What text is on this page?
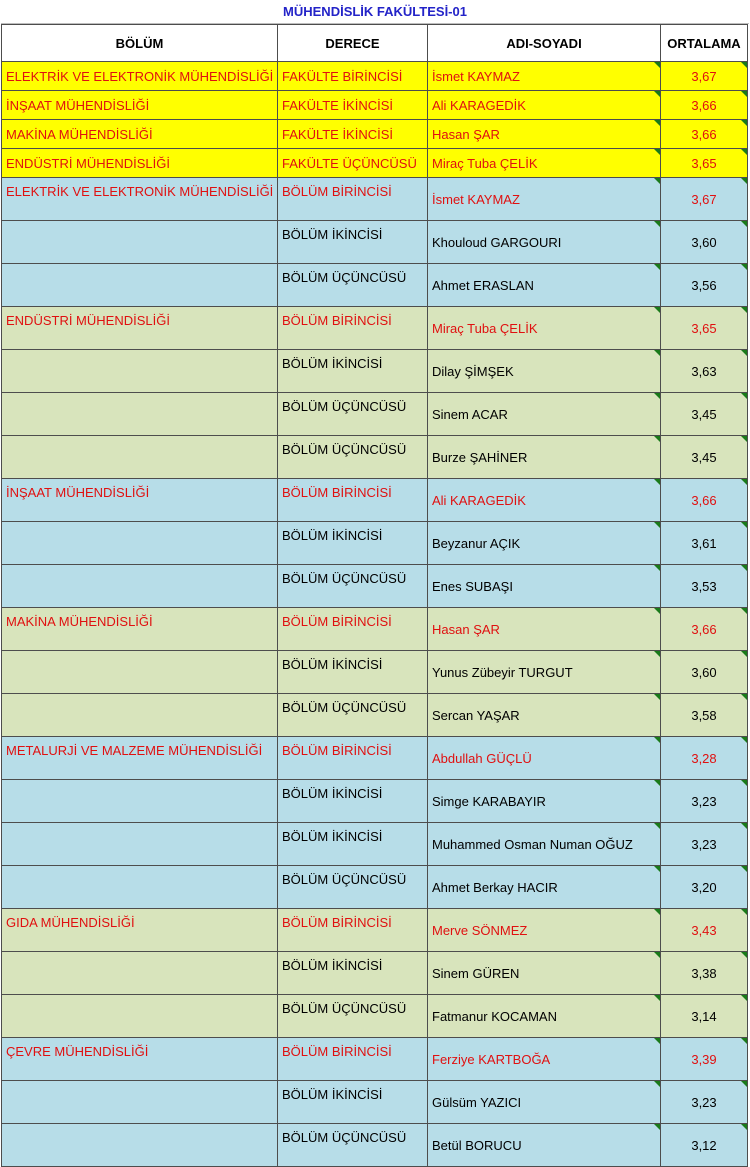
MÜHENDİSLİK FAKÜLTESİ-01
BÖLÜM	DERECE	ADI-SOYADI	ORTALAMA
ELEKTRİK VE ELEKTRONİK MÜHENDİSLİĞİ	FAKÜLTE BİRİNCİSİ	İsmet KAYMAZ	3,67
İNŞAAT MÜHENDİSLİĞİ	FAKÜLTE İKİNCİSİ	Ali KARAGEDİK	3,66
MAKİNA MÜHENDİSLİĞİ	FAKÜLTE İKİNCİSİ	Hasan ŞAR	3,66
ENDÜSTRİ MÜHENDİSLİĞİ	FAKÜLTE ÜÇÜNCÜSÜ	Miraç Tuba ÇELİK	3,65
ELEKTRİK VE ELEKTRONİK MÜHENDİSLİĞİ	BÖLÜM BİRİNCİSİ	İsmet KAYMAZ	3,67
	BÖLÜM İKİNCİSİ	Khouloud GARGOURI	3,60
	BÖLÜM ÜÇÜNCÜSÜ	Ahmet ERASLAN	3,56
ENDÜSTRİ MÜHENDİSLİĞİ	BÖLÜM BİRİNCİSİ	Miraç Tuba ÇELİK	3,65
	BÖLÜM İKİNCİSİ	Dilay ŞİMŞEK	3,63
	BÖLÜM ÜÇÜNCÜSÜ	Sinem ACAR	3,45
	BÖLÜM ÜÇÜNCÜSÜ	Burze ŞAHİNER	3,45
İNŞAAT MÜHENDİSLİĞİ	BÖLÜM BİRİNCİSİ	Ali KARAGEDİK	3,66
	BÖLÜM İKİNCİSİ	Beyzanur AÇIK	3,61
	BÖLÜM ÜÇÜNCÜSÜ	Enes SUBAŞI	3,53
MAKİNA MÜHENDİSLİĞİ	BÖLÜM BİRİNCİSİ	Hasan ŞAR	3,66
	BÖLÜM İKİNCİSİ	Yunus Zübeyir TURGUT	3,60
	BÖLÜM ÜÇÜNCÜSÜ	Sercan YAŞAR	3,58
METALURJİ VE MALZEME MÜHENDİSLİĞİ	BÖLÜM BİRİNCİSİ	Abdullah GÜÇLÜ	3,28
	BÖLÜM İKİNCİSİ	Simge KARABAYIR	3,23
	BÖLÜM İKİNCİSİ	Muhammed Osman Numan OĞUZ	3,23
	BÖLÜM ÜÇÜNCÜSÜ	Ahmet Berkay HACIR	3,20
GIDA MÜHENDİSLİĞİ	BÖLÜM BİRİNCİSİ	Merve SÖNMEZ	3,43
	BÖLÜM İKİNCİSİ	Sinem GÜREN	3,38
	BÖLÜM ÜÇÜNCÜSÜ	Fatmanur KOCAMAN	3,14
ÇEVRE MÜHENDİSLİĞİ	BÖLÜM BİRİNCİSİ	Ferziye KARTBOĞA	3,39
	BÖLÜM İKİNCİSİ	Gülsüm YAZICI	3,23
	BÖLÜM ÜÇÜNCÜSÜ	Betül BORUCU	3,12
